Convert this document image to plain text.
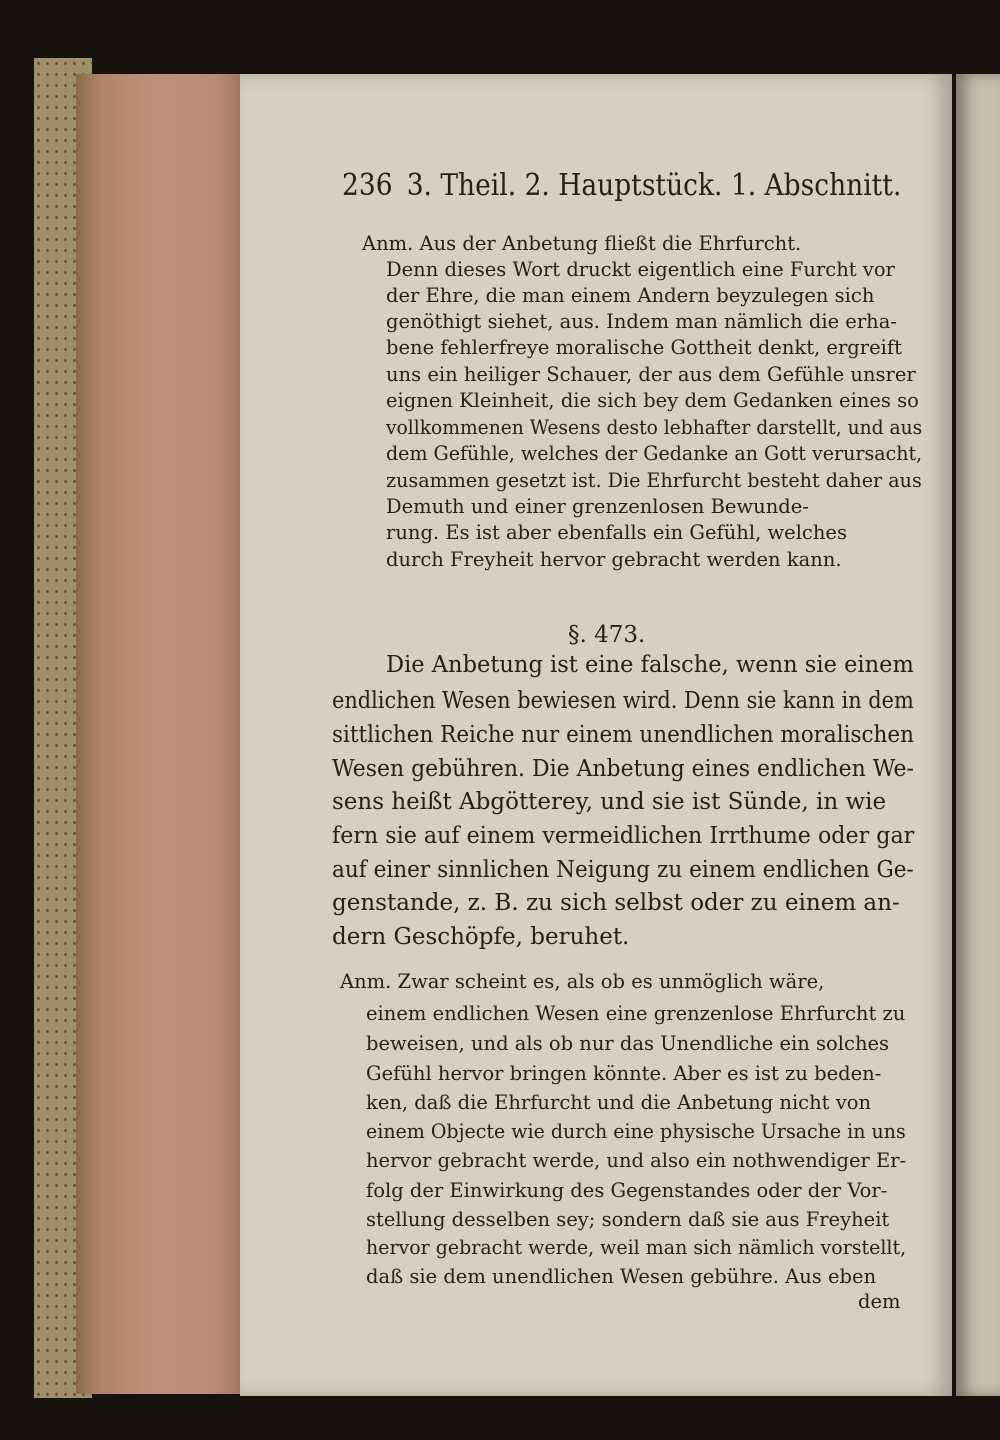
236 3. Theil. 2. Hauptstück. 1. Abschnitt.
Anm. Aus der Anbetung fließt die Ehrfurcht.
Denn dieses Wort druckt eigentlich eine Furcht vor
der Ehre, die man einem Andern beyzulegen sich
genöthigt siehet, aus. Indem man nämlich die erha-
bene fehlerfreye moralische Gottheit denkt, ergreift
uns ein heiliger Schauer, der aus dem Gefühle unsrer
eignen Kleinheit, die sich bey dem Gedanken eines so
vollkommenen Wesens desto lebhafter darstellt, und aus
dem Gefühle, welches der Gedanke an Gott verursacht,
zusammen gesetzt ist. Die Ehrfurcht besteht daher aus
Demuth und einer grenzenlosen Bewunde-
rung. Es ist aber ebenfalls ein Gefühl, welches
durch Freyheit hervor gebracht werden kann.
§. 473.
Die Anbetung ist eine falsche, wenn sie einem
endlichen Wesen bewiesen wird. Denn sie kann in dem
sittlichen Reiche nur einem unendlichen moralischen
Wesen gebühren. Die Anbetung eines endlichen We-
sens heißt Abgötterey, und sie ist Sünde, in wie
fern sie auf einem vermeidlichen Irrthume oder gar
auf einer sinnlichen Neigung zu einem endlichen Ge-
genstande, z. B. zu sich selbst oder zu einem an-
dern Geschöpfe, beruhet.
Anm. Zwar scheint es, als ob es unmöglich wäre,
einem endlichen Wesen eine grenzenlose Ehrfurcht zu
beweisen, und als ob nur das Unendliche ein solches
Gefühl hervor bringen könnte. Aber es ist zu beden-
ken, daß die Ehrfurcht und die Anbetung nicht von
einem Objecte wie durch eine physische Ursache in uns
hervor gebracht werde, und also ein nothwendiger Er-
folg der Einwirkung des Gegenstandes oder der Vor-
stellung desselben sey; sondern daß sie aus Freyheit
hervor gebracht werde, weil man sich nämlich vorstellt,
daß sie dem unendlichen Wesen gebühre. Aus eben
dem
